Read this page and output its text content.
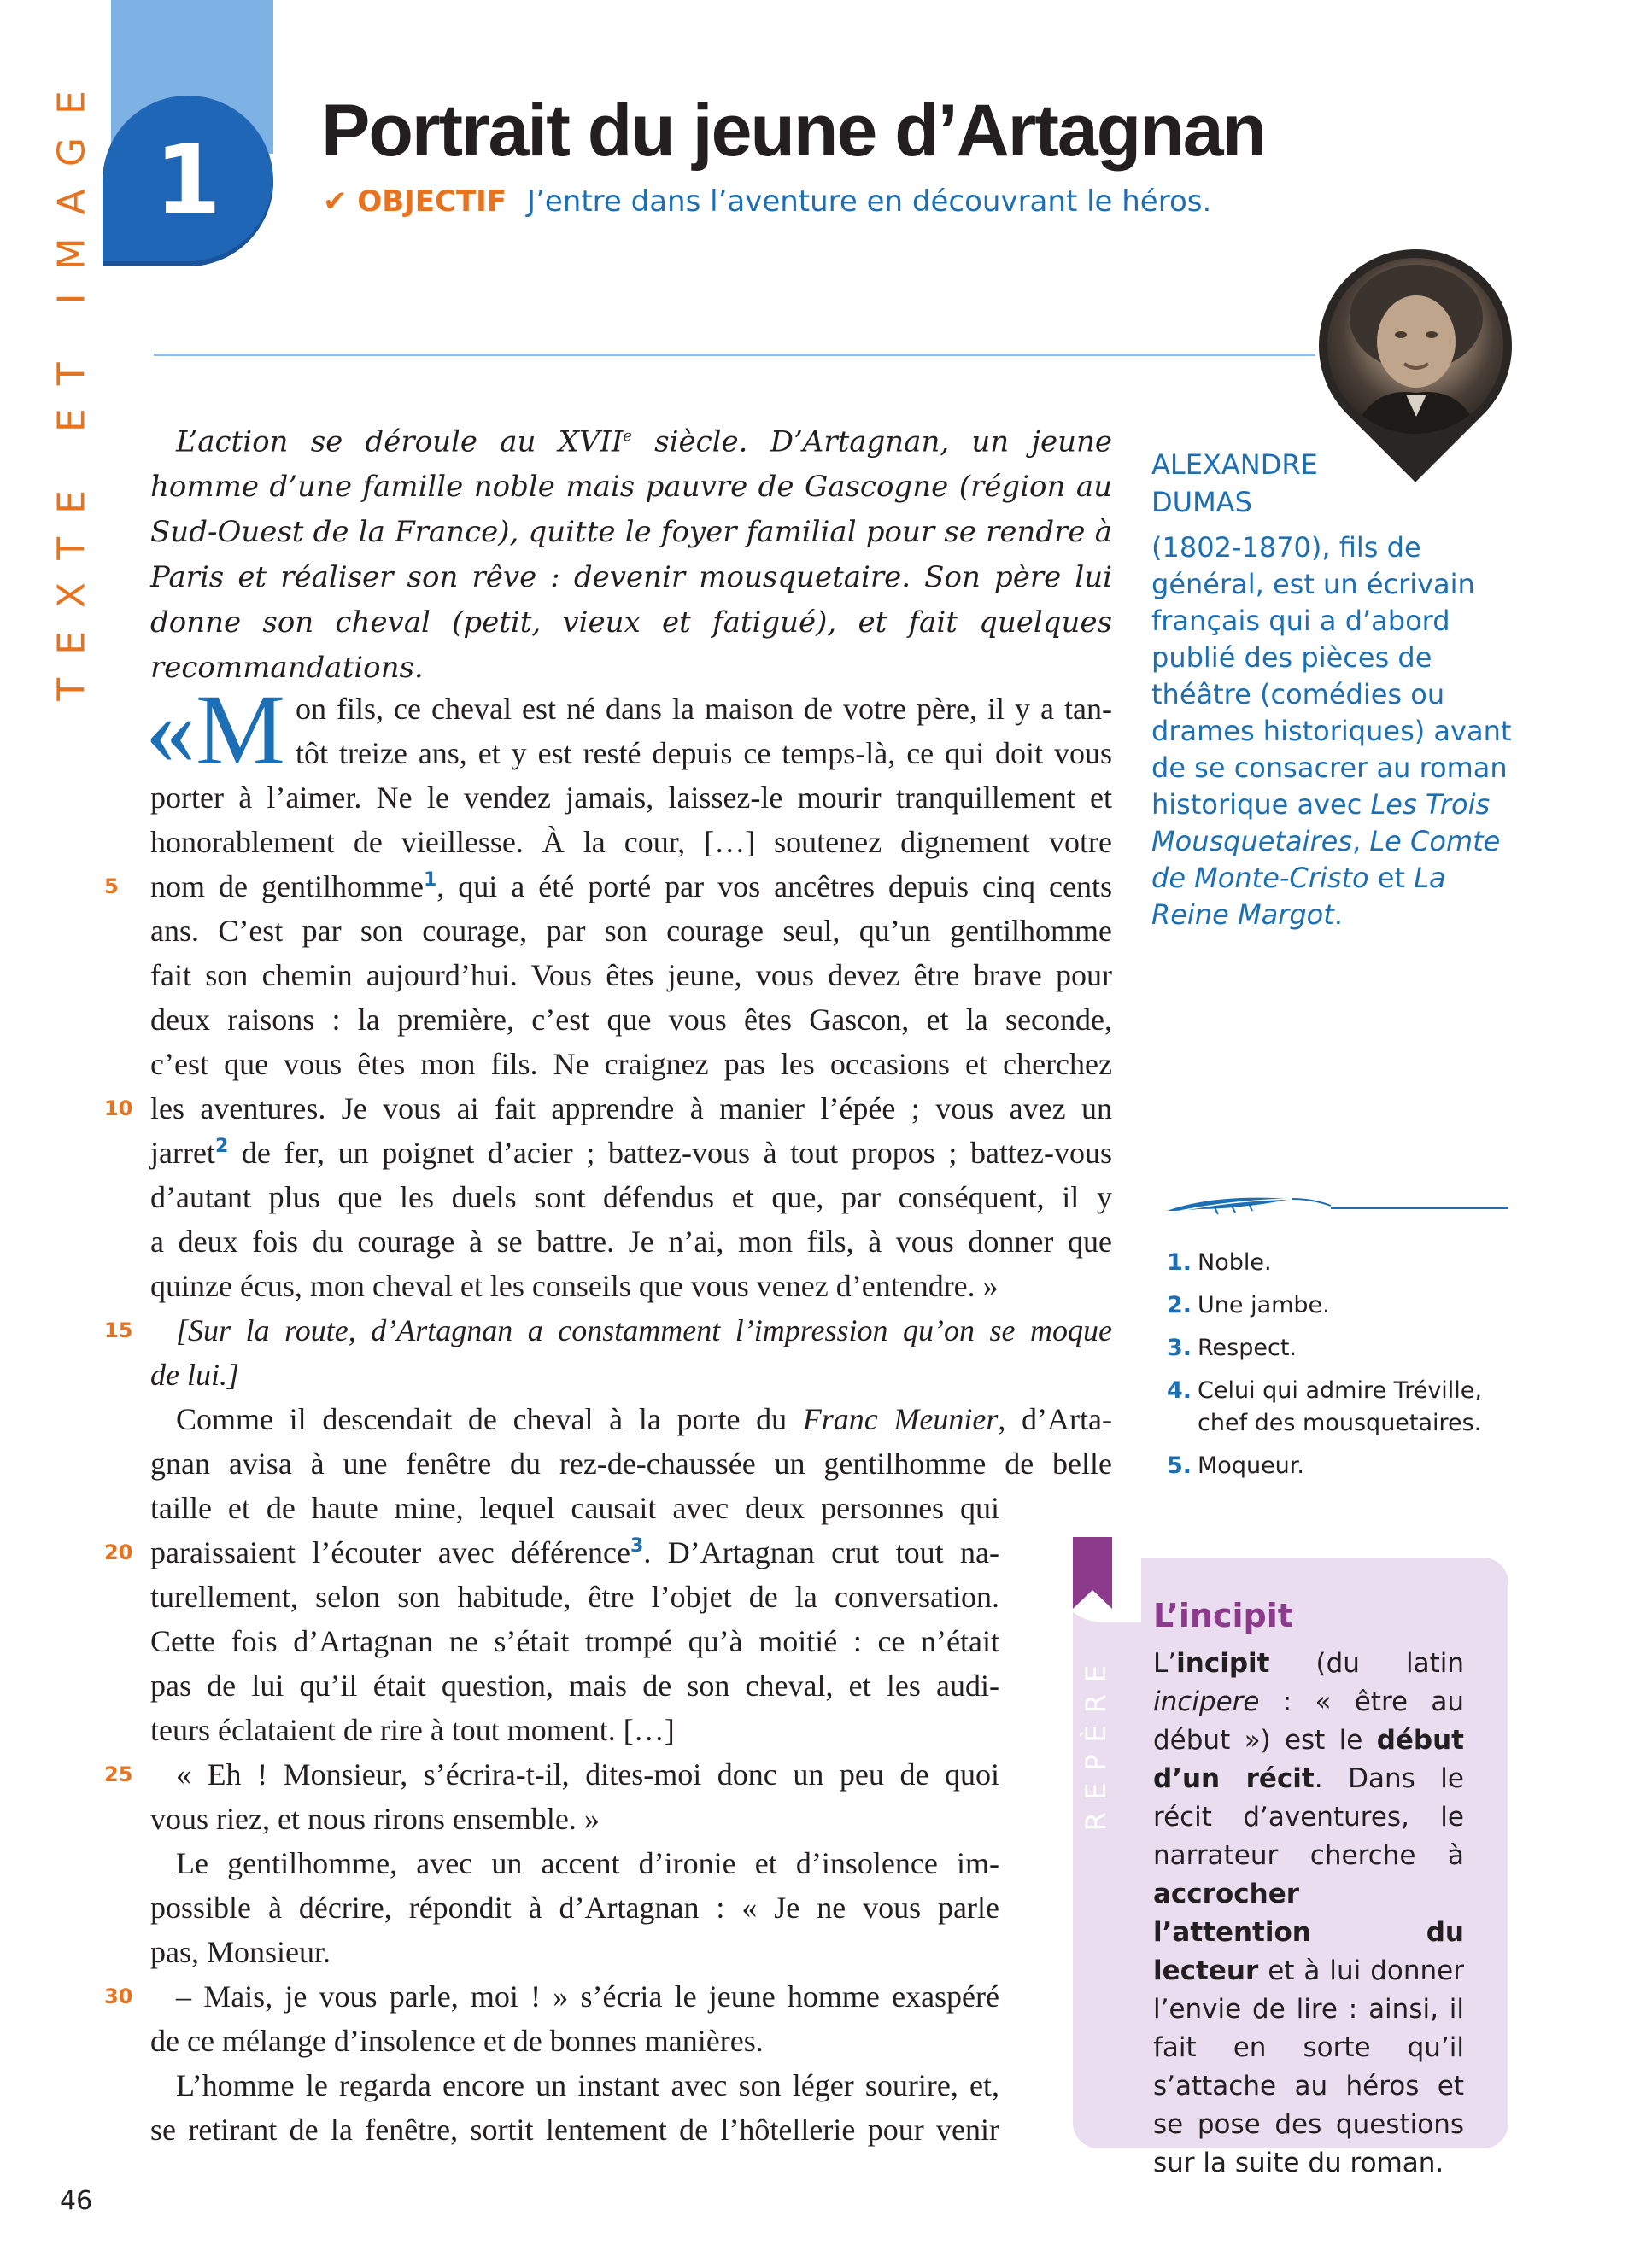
TEXTE ET IMAGE 1	Portrait du jeune d’Artagnan
✔ OBJECTIF J’entre dans l’aventure en découvrant le héros.
ALEXANDRE
DUMAS
(1802-1870), fils de général, est un écrivain français qui a d’abord publié des pièces de théâtre (comédies ou drames historiques) avant de se consacrer au roman historique avec Les Trois Mousquetaires, Le Comte de Monte-Cristo et La Reine Margot.

L’action se déroule au XVIIe siècle. D’Artagnan, un jeune homme d’une famille noble mais pauvre de Gascogne (région au Sud-Ouest de la France), quitte le foyer familial pour se rendre à Paris et réaliser son rêve : devenir mousquetaire. Son père lui donne son cheval (petit, vieux et fatigué), et fait quelques recommandations.

«M on fils, ce cheval est né dans la maison de votre père, il y a tan-
tôt treize ans, et y est resté depuis ce temps-là, ce qui doit vous
porter à l’aimer. Ne le vendez jamais, laissez-le mourir tranquillement et
honorablement de vieillesse. À la cour, […] soutenez dignement votre
nom de gentilhomme$^1$, qui a été porté par vos ancêtres depuis cinq cents
ans. C’est par son courage, par son courage seul, qu’un gentilhomme
fait son chemin aujourd’hui. Vous êtes jeune, vous devez être brave pour
deux raisons : la première, c’est que vous êtes Gascon, et la seconde,
c’est que vous êtes mon fils. Ne craignez pas les occasions et cherchez
les aventures. Je vous ai fait apprendre à manier l’épée ; vous avez un
jarret$^2$ de fer, un poignet d’acier ; battez-vous à tout propos ; battez-vous
d’autant plus que les duels sont défendus et que, par conséquent, il y
a deux fois du courage à se battre. Je n’ai, mon fils, à vous donner que
quinze écus, mon cheval et les conseils que vous venez d’entendre. »
[Sur la route, d’Artagnan a constamment l’impression qu’on se moque
de lui.]
Comme il descendait de cheval à la porte du Franc Meunier, d’Arta-
gnan avisa à une fenêtre du rez-de-chaussée un gentilhomme de belle
taille et de haute mine, lequel causait avec deux personnes qui
paraissaient l’écouter avec déférence$^3$. D’Artagnan crut tout na-
turellement, selon son habitude, être l’objet de la conversation.
Cette fois d’Artagnan ne s’était trompé qu’à moitié : ce n’était
pas de lui qu’il était question, mais de son cheval, et les audi-
teurs éclataient de rire à tout moment. […]
« Eh ! Monsieur, s’écrira-t-il, dites-moi donc un peu de quoi
vous riez, et nous rirons ensemble. »
Le gentilhomme, avec un accent d’ironie et d’insolence im-
possible à décrire, répondit à d’Artagnan : « Je ne vous parle
pas, Monsieur.
– Mais, je vous parle, moi ! » s’écria le jeune homme exaspéré
de ce mélange d’insolence et de bonnes manières.
L’homme le regarda encore un instant avec son léger sourire, et,
se retirant de la fenêtre, sortit lentement de l’hôtellerie pour venir
5
10
15
20
25
30
1. Noble.
2. Une jambe.
3. Respect.
4. Celui qui admire Tréville, chef des mousquetaires.
5. Moqueur.
REPÈRE
L’incipit

L’incipit (du latin incipere : « être au début ») est le début d’un récit. Dans le récit d’aventures, le narrateur cherche à accrocher l’attention du lecteur et à lui donner l’envie de lire : ainsi, il fait en sorte qu’il s’attache au héros et se pose des questions sur la suite du roman.

46
